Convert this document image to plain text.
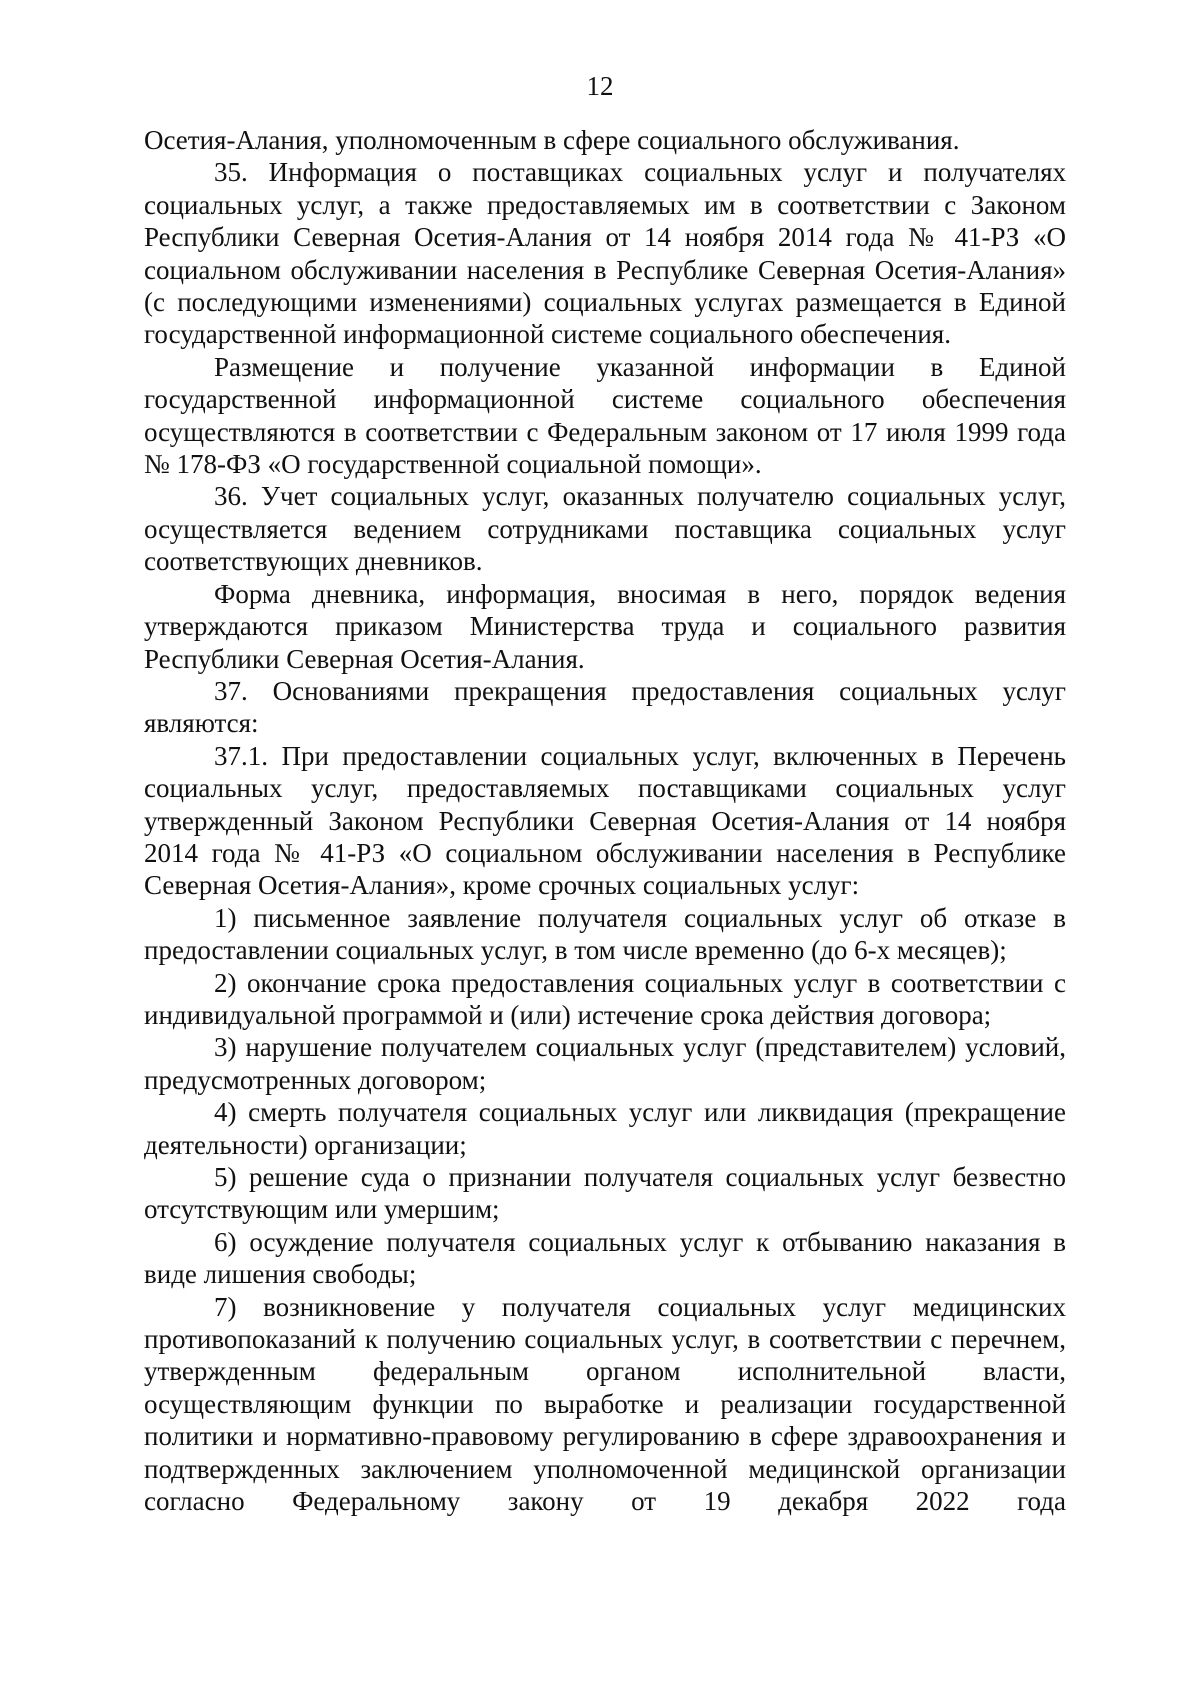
12

Осетия-Алания, уполномоченным в сфере социального обслуживания.

35. Информация о поставщиках социальных услуг и получателях социальных услуг, а также предоставляемых им в соответствии с Законом Республики Северная Осетия-Алания от 14 ноября 2014 года № 41-РЗ «О социальном обслуживании населения в Республике Северная Осетия-Алания» (с последующими изменениями) социальных услугах размещается в Единой государственной информационной системе социального обеспечения.

Размещение и получение указанной информации в Единой государственной информационной системе социального обеспечения осуществляются в соответствии с Федеральным законом от 17 июля 1999 года № 178-ФЗ «О государственной социальной помощи».

36. Учет социальных услуг, оказанных получателю социальных услуг, осуществляется ведением сотрудниками поставщика социальных услуг соответствующих дневников.

Форма дневника, информация, вносимая в него, порядок ведения утверждаются приказом Министерства труда и социального развития Республики Северная Осетия-Алания.

37. Основаниями прекращения предоставления социальных услуг являются:

37.1. При предоставлении социальных услуг, включенных в Перечень социальных услуг, предоставляемых поставщиками социальных услуг утвержденный Законом Республики Северная Осетия-Алания от 14 ноября 2014 года № 41-РЗ «О социальном обслуживании населения в Республике Северная Осетия-Алания», кроме срочных социальных услуг:

1) письменное заявление получателя социальных услуг об отказе в предоставлении социальных услуг, в том числе временно (до 6-х месяцев);

2) окончание срока предоставления социальных услуг в соответствии с индивидуальной программой и (или) истечение срока действия договора;

3) нарушение получателем социальных услуг (представителем) условий, предусмотренных договором;

4) смерть получателя социальных услуг или ликвидация (прекращение деятельности) организации;

5) решение суда о признании получателя социальных услуг безвестно отсутствующим или умершим;

6) осуждение получателя социальных услуг к отбыванию наказания в виде лишения свободы;

7) возникновение у получателя социальных услуг медицинских противопоказаний к получению социальных услуг, в соответствии с перечнем, утвержденным федеральным органом исполнительной власти, осуществляющим функции по выработке и реализации государственной политики и нормативно-правовому регулированию в сфере здравоохранения и подтвержденных заключением уполномоченной медицинской организации согласно Федеральному закону от 19 декабря 2022 года
